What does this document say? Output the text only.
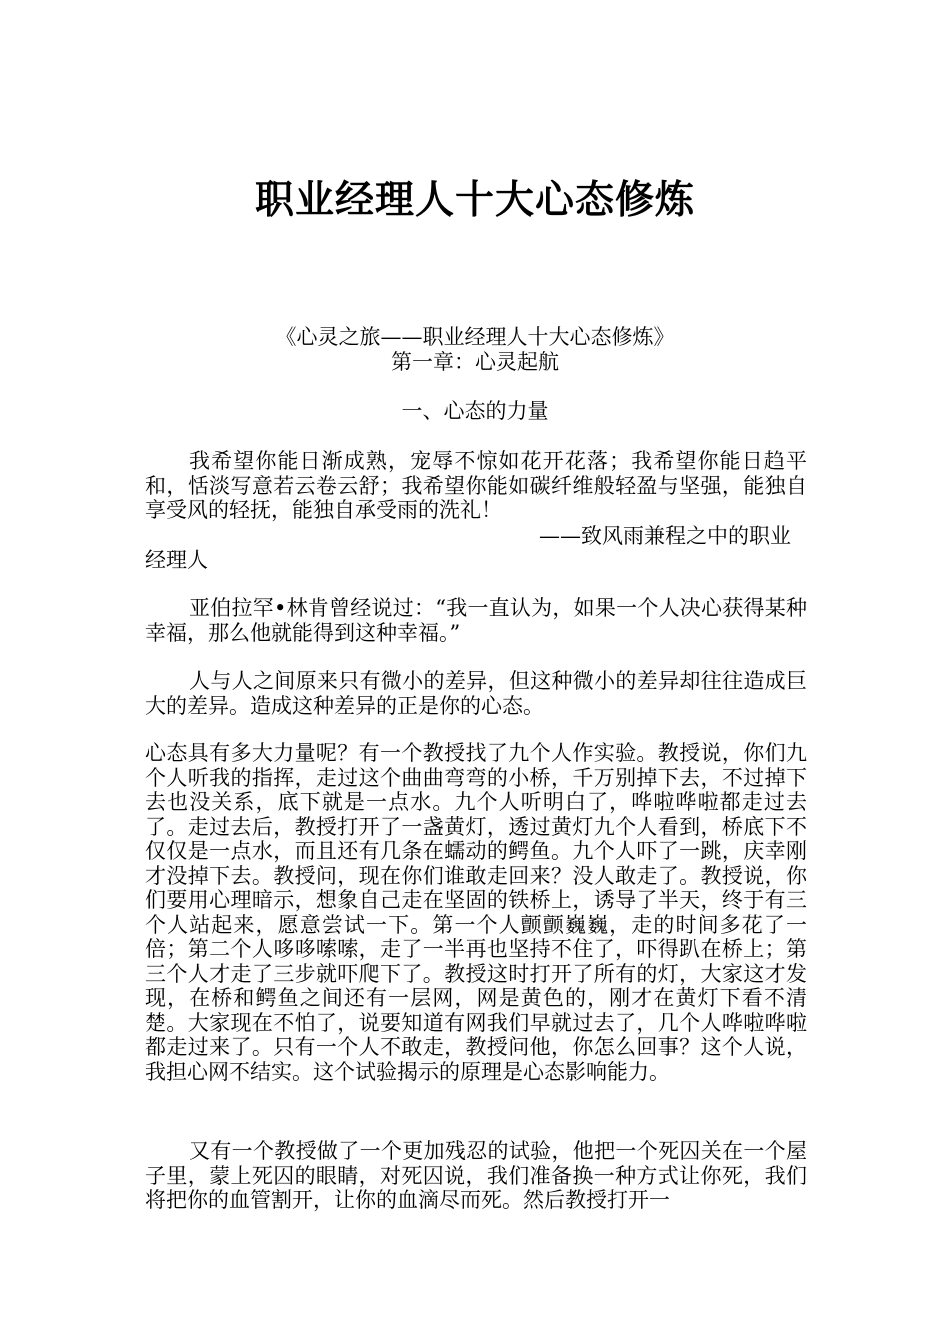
职业经理人十大心态修炼
《心灵之旅——职业经理人十大心态修炼》
第一章：心灵起航
一、心态的力量
我希望你能日渐成熟，宠辱不惊如花开花落；我希望你能日趋平和，恬淡写意若云卷云舒；我希望你能如碳纤维般轻盈与坚强，能独自享受风的轻抚，能独自承受雨的洗礼！
——致风雨兼程之中的职业
经理人
亚伯拉罕•林肯曾经说过：“我一直认为，如果一个人决心获得某种幸福，那么他就能得到这种幸福。”
人与人之间原来只有微小的差异，但这种微小的差异却往往造成巨大的差异。造成这种差异的正是你的心态。
心态具有多大力量呢？有一个教授找了九个人作实验。教授说，你们九个人听我的指挥，走过这个曲曲弯弯的小桥，千万别掉下去，不过掉下去也没关系，底下就是一点水。九个人听明白了，哗啦哗啦都走过去了。走过去后，教授打开了一盏黄灯，透过黄灯九个人看到，桥底下不仅仅是一点水，而且还有几条在蠕动的鳄鱼。九个人吓了一跳，庆幸刚才没掉下去。教授问，现在你们谁敢走回来？没人敢走了。教授说，你们要用心理暗示，想象自己走在坚固的铁桥上，诱导了半天，终于有三个人站起来，愿意尝试一下。第一个人颤颤巍巍，走的时间多花了一倍；第二个人哆哆嗦嗦，走了一半再也坚持不住了，吓得趴在桥上；第三个人才走了三步就吓爬下了。教授这时打开了所有的灯，大家这才发现，在桥和鳄鱼之间还有一层网，网是黄色的，刚才在黄灯下看不清楚。大家现在不怕了，说要知道有网我们早就过去了，几个人哗啦哗啦都走过来了。只有一个人不敢走，教授问他，你怎么回事？这个人说，我担心网不结实。这个试验揭示的原理是心态影响能力。
又有一个教授做了一个更加残忍的试验，他把一个死囚关在一个屋子里，蒙上死囚的眼睛，对死囚说，我们准备换一种方式让你死，我们将把你的血管割开，让你的血滴尽而死。然后教授打开一
